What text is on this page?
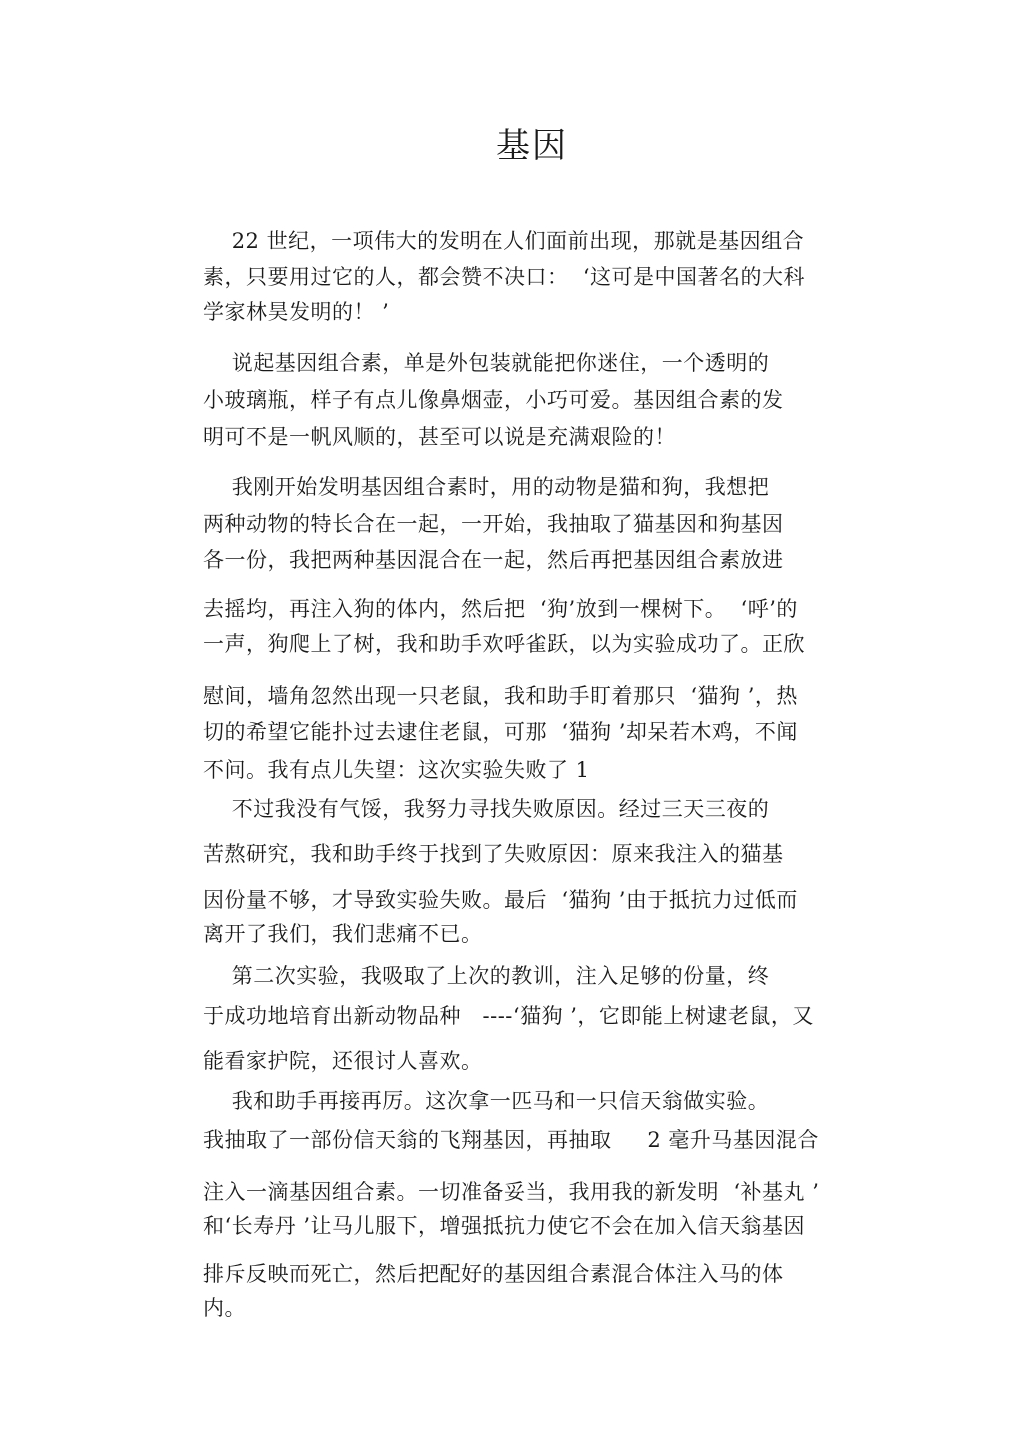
基因
22 世纪，一项伟大的发明在人们面前出现，那就是基因组合
素，只要用过它的人，都会赞不决口：  ‘这可是中国著名的大科
学家林昊发明的！ ’
说起基因组合素，单是外包装就能把你迷住，一个透明的
小玻璃瓶，样子有点儿像鼻烟壶，小巧可爱。基因组合素的发
明可不是一帆风顺的，甚至可以说是充满艰险的！
我刚开始发明基因组合素时，用的动物是猫和狗，我想把
两种动物的特长合在一起，一开始，我抽取了猫基因和狗基因
各一份，我把两种基因混合在一起，然后再把基因组合素放进
去摇均，再注入狗的体内，然后把  ‘狗’放到一棵树下。  ‘呼’的
一声，狗爬上了树，我和助手欢呼雀跃，以为实验成功了。正欣
慰间，墙角忽然出现一只老鼠，我和助手盯着那只  ‘猫狗 ’，热
切的希望它能扑过去逮住老鼠，可那  ‘猫狗 ’却呆若木鸡，不闻
不问。我有点儿失望：这次实验失败了 1
不过我没有气馁，我努力寻找失败原因。经过三天三夜的
苦熬研究，我和助手终于找到了失败原因：原来我注入的猫基
因份量不够，才导致实验失败。最后  ‘猫狗 ’由于抵抗力过低而
离开了我们，我们悲痛不已。
第二次实验，我吸取了上次的教训，注入足够的份量，终
于成功地培育出新动物品种   ----‘猫狗 ’，它即能上树逮老鼠，又
能看家护院，还很讨人喜欢。
我和助手再接再厉。这次拿一匹马和一只信天翁做实验。
我抽取了一部份信天翁的飞翔基因，再抽取     2 毫升马基因混合
注入一滴基因组合素。一切准备妥当，我用我的新发明  ‘补基丸 ’
和‘长寿丹 ’让马儿服下，增强抵抗力使它不会在加入信天翁基因
排斥反映而死亡，然后把配好的基因组合素混合体注入马的体
内。
